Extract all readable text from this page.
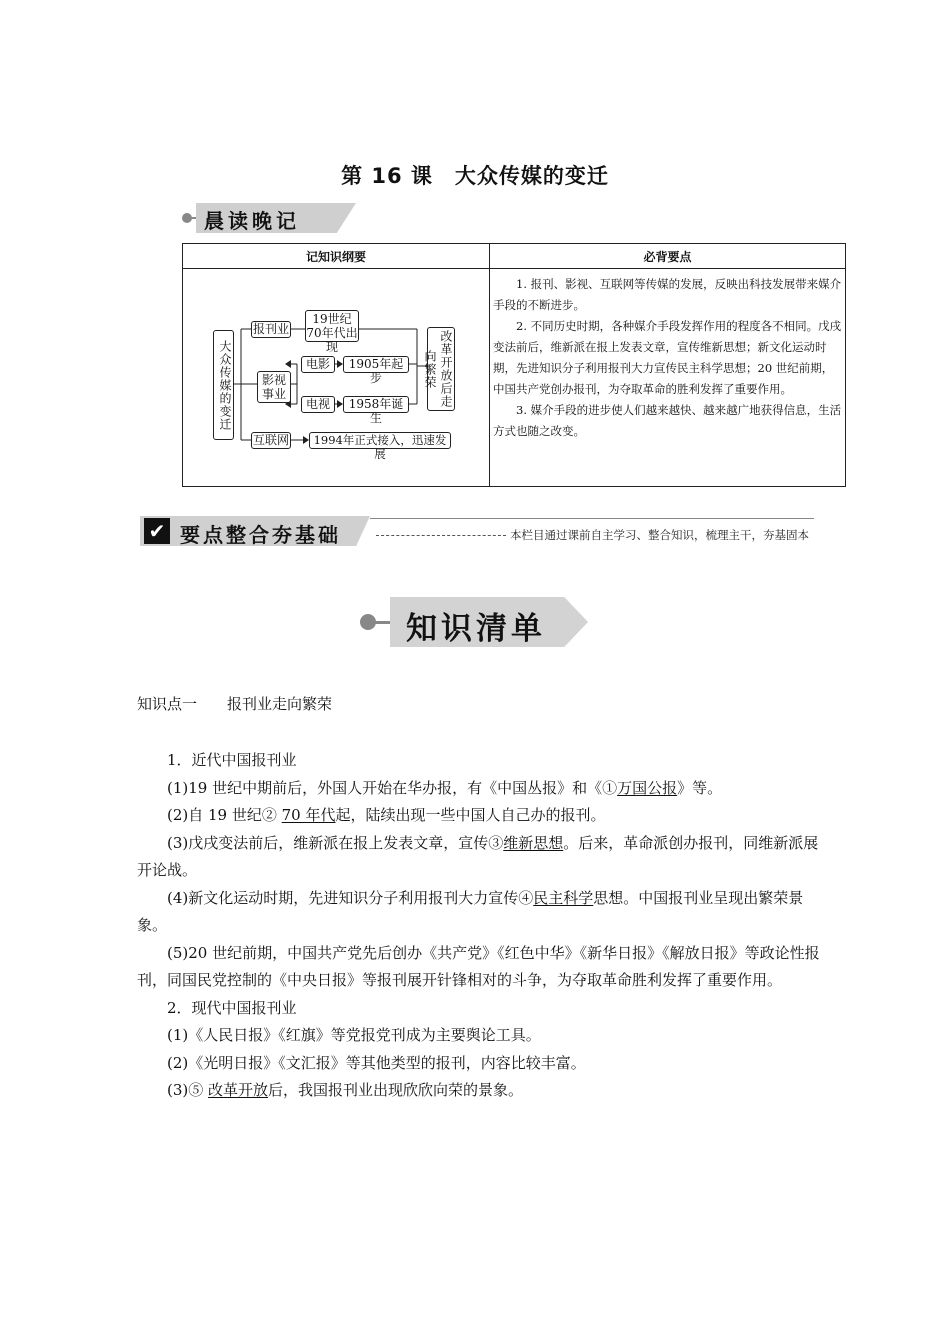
第 16 课　大众传媒的变迁
晨读晚记
记知识纲要	必背要点
大众传媒的变迁
报刊业
19世纪70年代出现
影视事业
电影	1905年起步
电视	1958年诞生
互联网	1994年正式接入，迅速发展
改革开放后走向繁荣

1. 报刊、影视、互联网等传媒的发展，反映出科技发展带来媒介手段的不断进步。

2. 不同历史时期，各种媒介手段发挥作用的程度各不相同。戊戌变法前后，维新派在报上发表文章，宣传维新思想；新文化运动时期，先进知识分子利用报刊大力宣传民主科学思想；20 世纪前期，中国共产党创办报刊，为夺取革命的胜利发挥了重要作用。

3. 媒介手段的进步使人们越来越快、越来越广地获得信息，生活方式也随之改变。

✔ 要点整合夯基础	本栏目通过课前自主学习、整合知识，梳理主干，夯基固本
知识清单
知识点一　　报刊业走向繁荣

1．近代中国报刊业

(1)19 世纪中期前后，外国人开始在华办报，有《中国丛报》和《①万国公报》等。

(2)自 19 世纪② 70 年代起，陆续出现一些中国人自己办的报刊。

(3)戊戌变法前后，维新派在报上发表文章，宣传③维新思想。后来，革命派创办报刊，同维新派展开论战。

(4)新文化运动时期，先进知识分子利用报刊大力宣传④民主科学思想。中国报刊业呈现出繁荣景象。

(5)20 世纪前期，中国共产党先后创办《共产党》《红色中华》《新华日报》《解放日报》等政论性报刊，同国民党控制的《中央日报》等报刊展开针锋相对的斗争，为夺取革命胜利发挥了重要作用。

2．现代中国报刊业

(1)《人民日报》《红旗》等党报党刊成为主要舆论工具。

(2)《光明日报》《文汇报》等其他类型的报刊，内容比较丰富。

(3)⑤ 改革开放后，我国报刊业出现欣欣向荣的景象。
